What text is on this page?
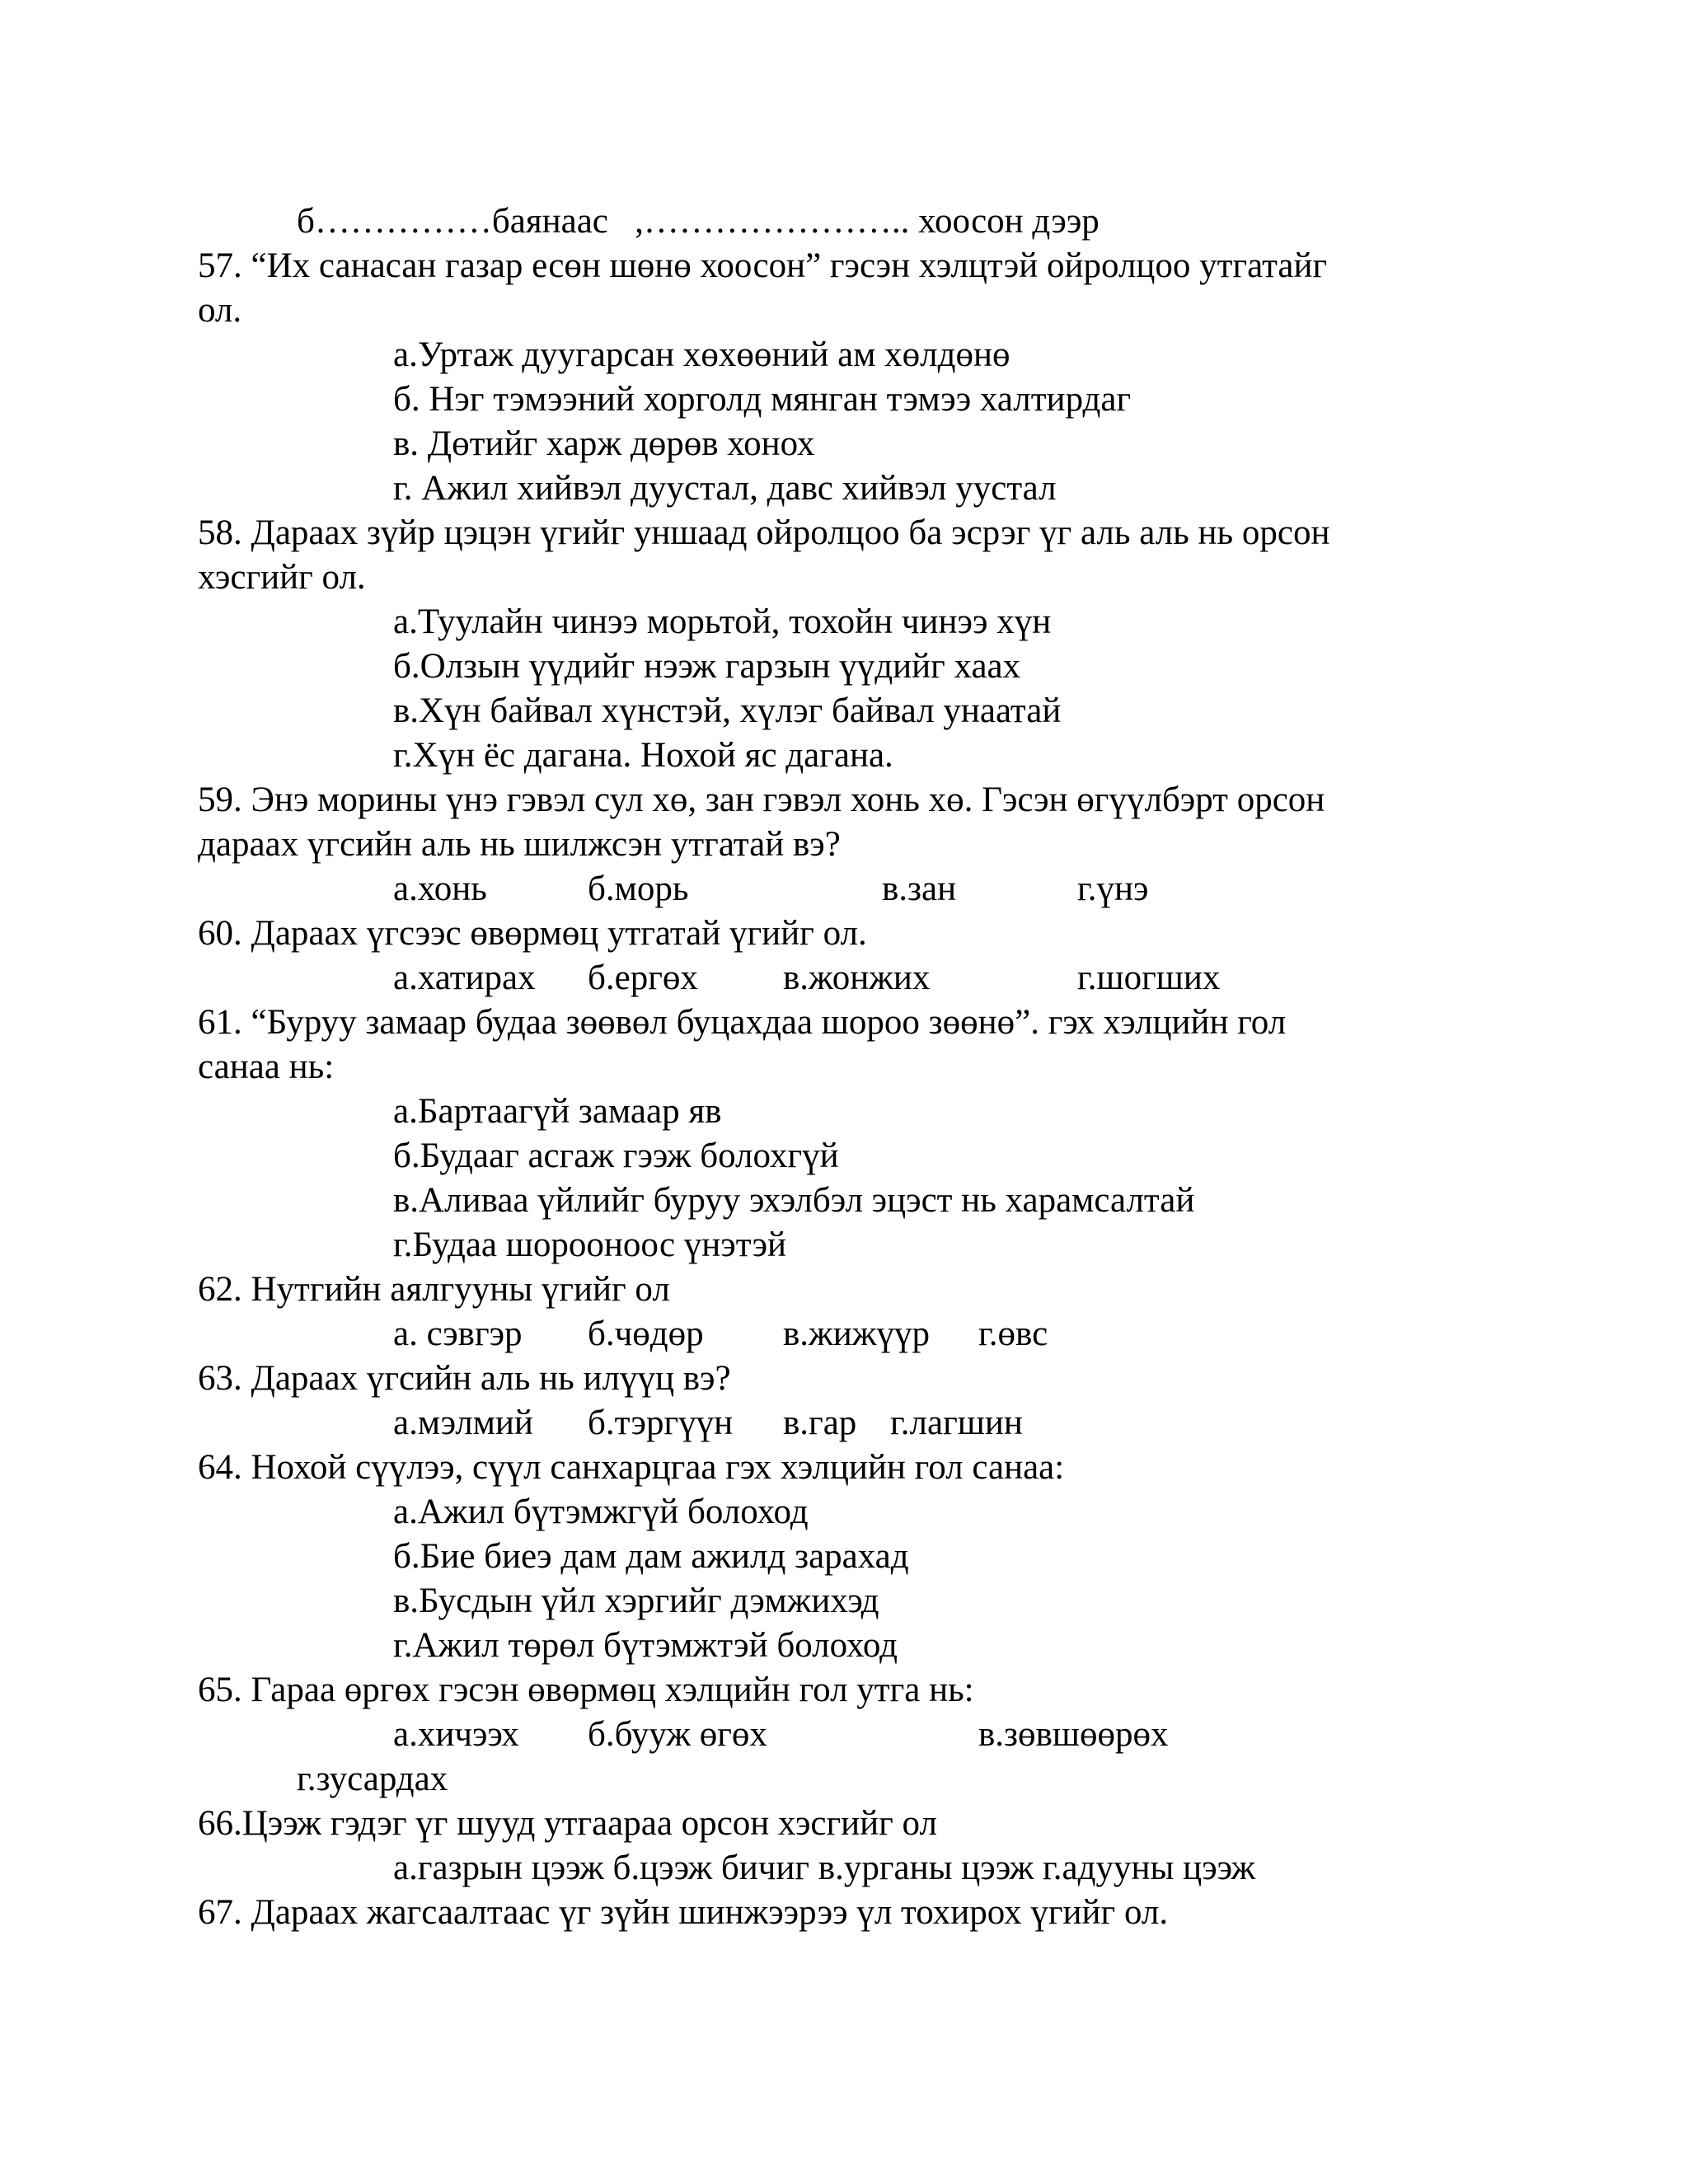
б……………баянаас   ,………………….. хоосон дээр
57. “Их санасан газар есөн шөнө хоосон” гэсэн хэлцтэй ойролцоо утгатайг
ол.
а.Уртаж дуугарсан хөхөөний ам хөлдөнө
б. Нэг тэмээний хорголд мянган тэмээ халтирдаг
в. Дөтийг харж дөрөв хонох
г. Ажил хийвэл дуустал, давс хийвэл уустал
58. Дараах зүйр цэцэн үгийг уншаад ойролцоо ба эсрэг үг аль аль нь орсон
хэсгийг ол.
а.Туулайн чинээ морьтой, тохойн чинээ хүн
б.Олзын үүдийг нээж гарзын үүдийг хаах
в.Хүн байвал хүнстэй, хүлэг байвал унаатай
г.Хүн ёс дагана. Нохой яс дагана.
59. Энэ морины үнэ гэвэл сул хө, зан гэвэл хонь хө. Гэсэн өгүүлбэрт орсон
дараах үгсийн аль нь шилжсэн утгатай вэ?
а.хонь	б.морь	в.зан	г.үнэ
60. Дараах үгсээс өвөрмөц утгатай үгийг ол.
а.хатирах б.ергөх в.жонжих	г.шогших
61. “Буруу замаар будаа зөөвөл буцахдаа шороо зөөнө”. гэх хэлцийн гол
санаа нь:
а.Бартаагүй замаар яв
б.Будааг асгаж гээж болохгүй
в.Аливаа үйлийг буруу эхэлбэл эцэст нь харамсалтай
г.Будаа шороонoос үнэтэй
62. Нутгийн аялгууны үгийг ол
а. сэвгэр б.чөдөр в.жижүүр г.өвс
63. Дараах үгсийн аль нь илүүц вэ?
а.мэлмий б.тэргүүн в.гар г.лагшин
64. Нохой сүүлээ, сүүл санхарцгаа гэх хэлцийн гол санаа:
а.Ажил бүтэмжгүй болоход
б.Бие биеэ дам дам ажилд зарахад
в.Бусдын үйл хэргийг дэмжихэд
г.Ажил төрөл бүтэмжтэй болоход
65. Гараа өргөх гэсэн өвөрмөц хэлцийн гол утга нь:
а.хичээх б.бууж өгөх	в.зөвшөөрөх
г.зусардах
66.Цээж гэдэг үг шууд утгаараа орсон хэсгийг ол
а.газрын цээж б.цээж бичиг в.урганы цээж г.адууны цээж
67. Дараах жагсаалтаас үг зүйн шинжээрээ үл тохирох үгийг ол.
